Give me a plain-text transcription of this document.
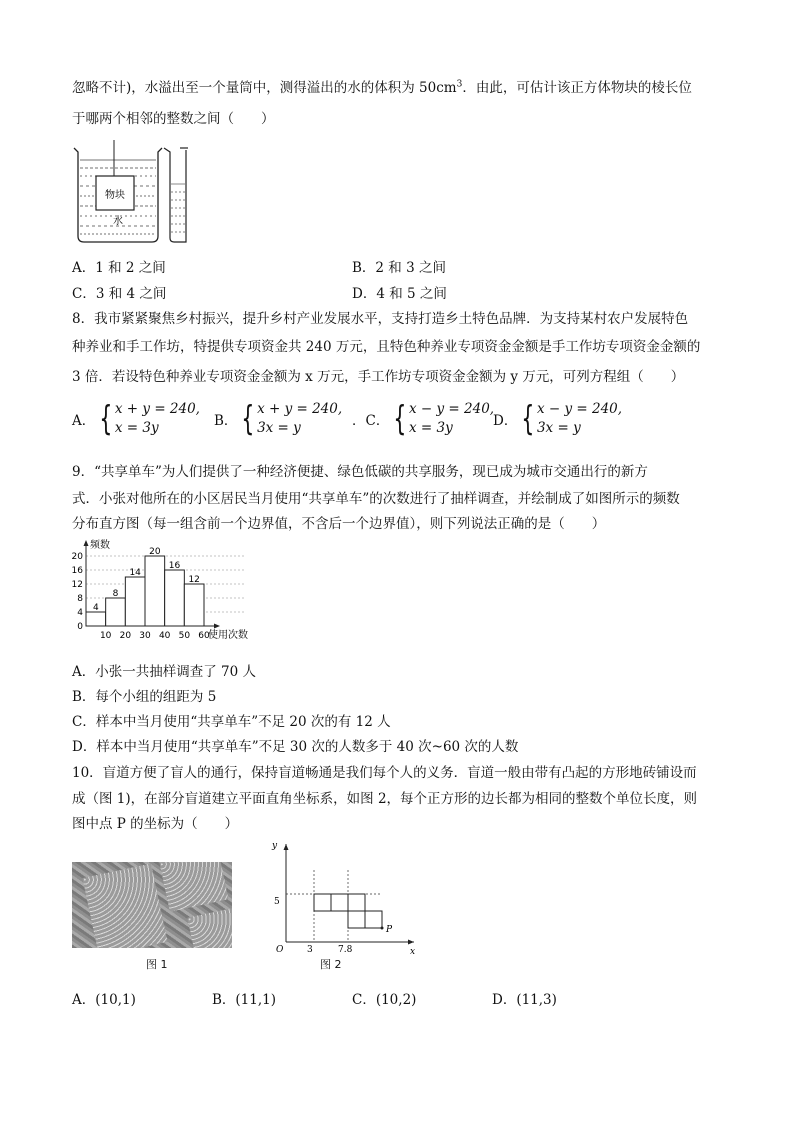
忽略不计)，水溢出至一个量筒中，测得溢出的水的体积为 $50cm^3$．由此，可估计该正方体物块的棱长位
于哪两个相邻的整数之间（　　）
物块
水
A．1 和 2 之间	B．2 和 3 之间
C．3 和 4 之间	D．4 和 5 之间
8．我市紧紧聚焦乡村振兴，提升乡村产业发展水平，支持打造乡土特色品牌．为支持某村农户发展特色
种养业和手工作坊，特提供专项资金共 240 万元，且特色种养业专项资金金额是手工作坊专项资金金额的
3 倍．若设特色种养业专项资金金额为 x 万元，手工作坊专项资金金额为 y 万元，可列方程组（　　）
A． { x + y = 240,
x = 3y	B． { x + y = 240,
3x = y	．C． { x − y = 240,
x = 3y	D． { x − y = 240,
3x = y
9．“共享单车”为人们提供了一种经济便捷、绿色低碳的共享服务，现已成为城市交通出行的新方
式．小张对他所在的小区居民当月使用“共享单车”的次数进行了抽样调查，并绘制成了如图所示的频数
分布直方图（每一组含前一个边界值，不含后一个边界值），则下列说法正确的是（　　）
4
8
14
20
16
12
0
4
8
12
16
20
10 20 30 40 50 60
频数
使用次数
A．小张一共抽样调查了 70 人
B．每个小组的组距为 5
C．样本中当月使用“共享单车”不足 20 次的有 12 人
D．样本中当月使用“共享单车”不足 30 次的人数多于 40 次~60 次的人数
10．盲道方便了盲人的通行，保持盲道畅通是我们每个人的义务．盲道一般由带有凸起的方形地砖铺设而
成（图 1)，在部分盲道建立平面直角坐标系，如图 2，每个正方形的边长都为相同的整数个单位长度，则
图中点 P 的坐标为（　　）
图 1
y
x
O
5
3	7.8
P
图 2
A．(10,1)	B．(11,1)	C．(10,2)	D．(11,3)
